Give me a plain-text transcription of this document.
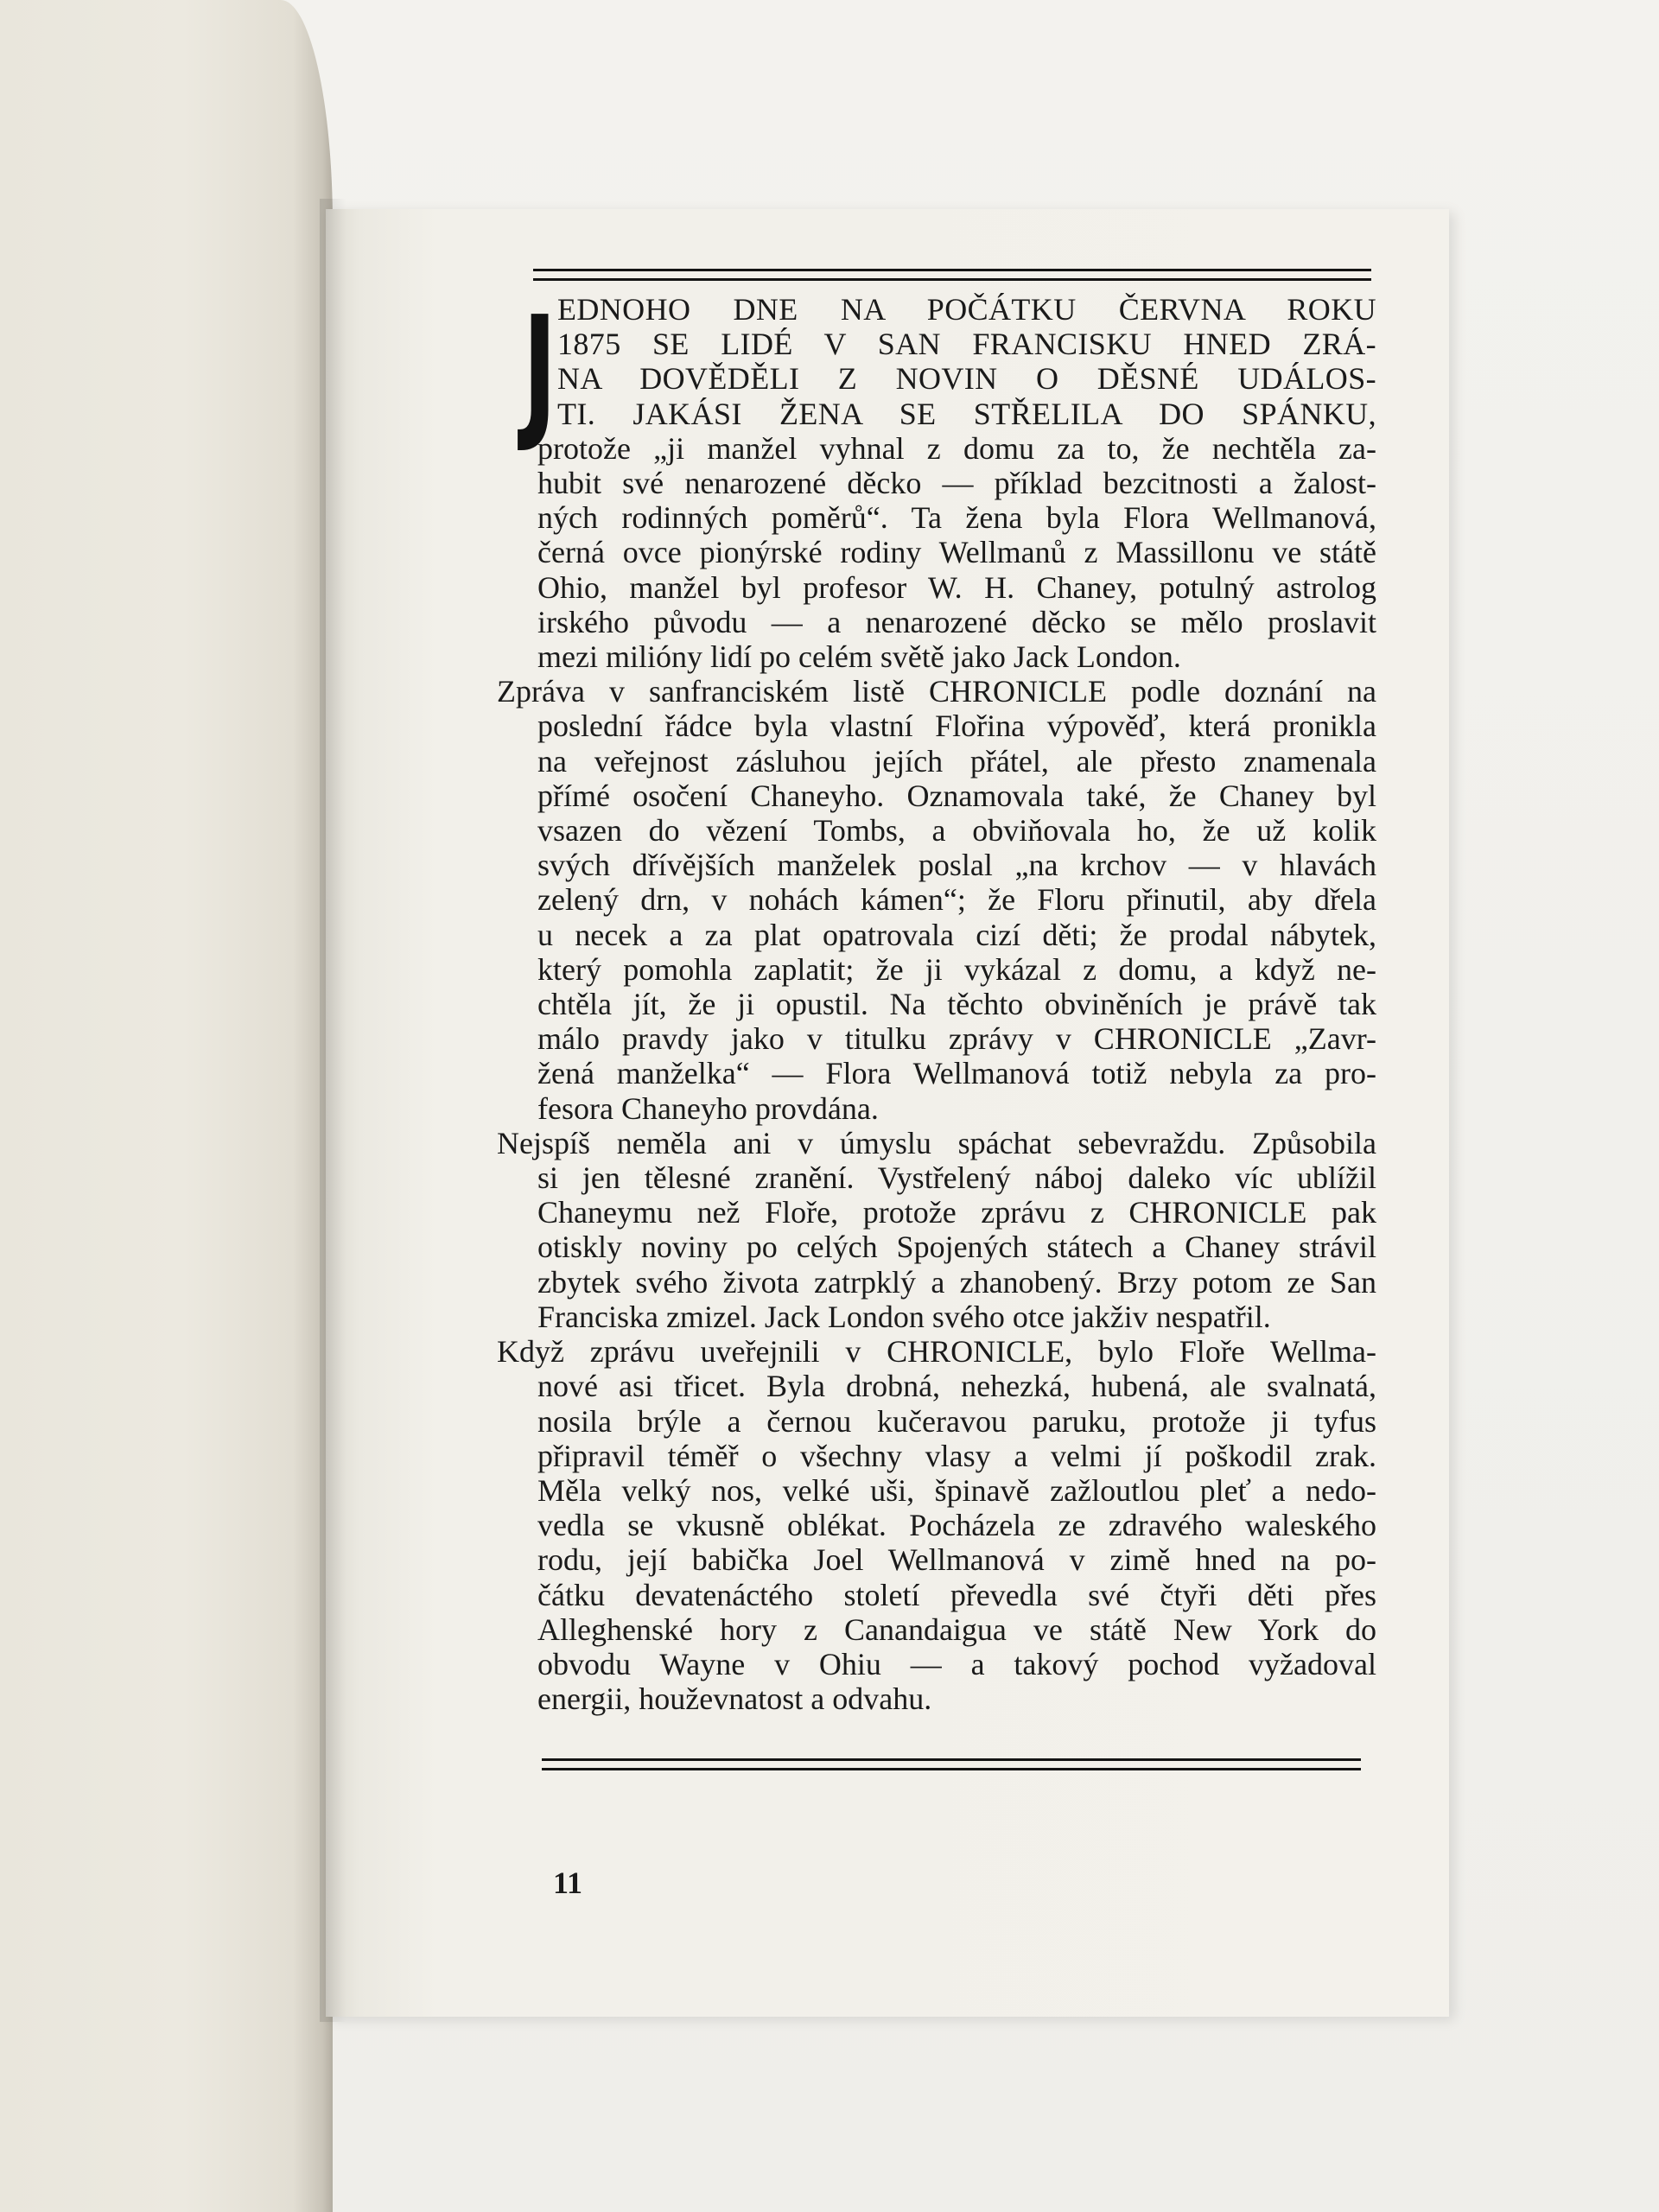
J EDNOHO DNE NA POČÁTKU ČERVNA ROKU
1875 SE LIDÉ V SAN FRANCISKU HNED ZRÁ-
NA DOVĚDĚLI Z NOVIN O DĚSNÉ UDÁLOS-
TI. JAKÁSI ŽENA SE STŘELILA DO SPÁNKU,
protože „ji manžel vyhnal z domu za to, že nechtěla za-
hubit své nenarozené děcko — příklad bezcitnosti a žalost-
ných rodinných poměrů“. Ta žena byla Flora Wellmanová,
černá ovce pionýrské rodiny Wellmanů z Massillonu ve státě
Ohio, manžel byl profesor W. H. Chaney, potulný astrolog
irského původu — a nenarozené děcko se mělo proslavit
mezi milióny lidí po celém světě jako Jack London.
Zpráva v sanfranciském listě CHRONICLE podle doznání na
poslední řádce byla vlastní Flořina výpověď, která pronikla
na veřejnost zásluhou jejích přátel, ale přesto znamenala
přímé osočení Chaneyho. Oznamovala také, že Chaney byl
vsazen do vězení Tombs, a obviňovala ho, že už kolik
svých dřívějších manželek poslal „na krchov — v hlavách
zelený drn, v nohách kámen“; že Floru přinutil, aby dřela
u necek a za plat opatrovala cizí děti; že prodal nábytek,
který pomohla zaplatit; že ji vykázal z domu, a když ne-
chtěla jít, že ji opustil. Na těchto obviněních je právě tak
málo pravdy jako v titulku zprávy v CHRONICLE „Zavr-
žená manželka“ — Flora Wellmanová totiž nebyla za pro-
fesora Chaneyho provdána.
Nejspíš neměla ani v úmyslu spáchat sebevraždu. Způsobila
si jen tělesné zranění. Vystřelený náboj daleko víc ublížil
Chaneymu než Floře, protože zprávu z CHRONICLE pak
otiskly noviny po celých Spojených státech a Chaney strávil
zbytek svého života zatrpklý a zhanobený. Brzy potom ze San
Franciska zmizel. Jack London svého otce jakživ nespatřil.
Když zprávu uveřejnili v CHRONICLE, bylo Floře Wellma-
nové asi třicet. Byla drobná, nehezká, hubená, ale svalnatá,
nosila brýle a černou kučeravou paruku, protože ji tyfus
připravil téměř o všechny vlasy a velmi jí poškodil zrak.
Měla velký nos, velké uši, špinavě zažloutlou pleť a nedo-
vedla se vkusně oblékat. Pocházela ze zdravého waleského
rodu, její babička Joel Wellmanová v zimě hned na po-
čátku devatenáctého století převedla své čtyři děti přes
Alleghenské hory z Canandaigua ve státě New York do
obvodu Wayne v Ohiu — a takový pochod vyžadoval
energii, houževnatost a odvahu.
11
